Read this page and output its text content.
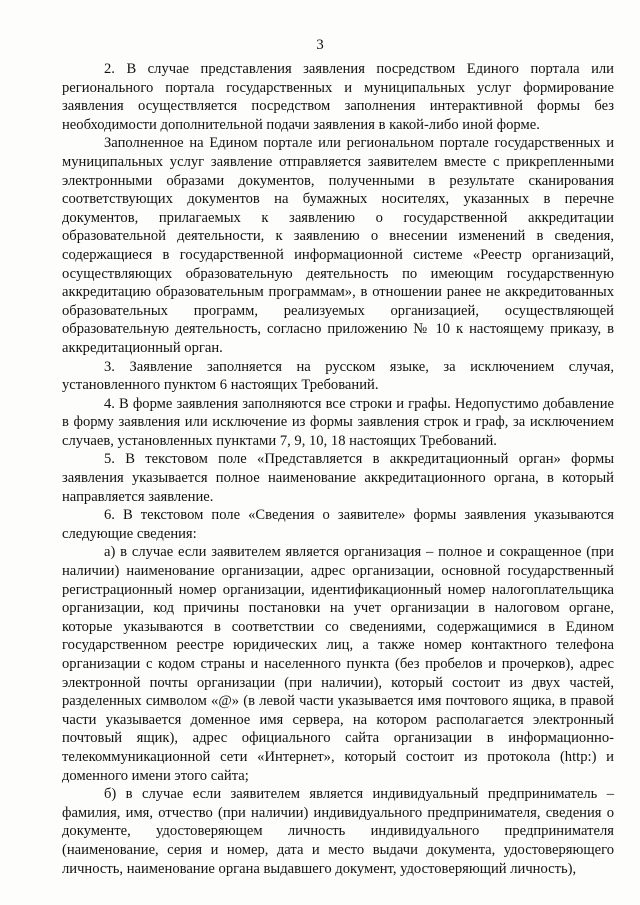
3

2. В случае представления заявления посредством Единого портала или регионального портала государственных и муниципальных услуг формирование заявления осуществляется посредством заполнения интерактивной формы без необходимости дополнительной подачи заявления в какой-либо иной форме.

Заполненное на Едином портале или региональном портале государственных и муниципальных услуг заявление отправляется заявителем вместе с прикрепленными электронными образами документов, полученными в результате сканирования соответствующих документов на бумажных носителях, указанных в перечне документов, прилагаемых к заявлению о государственной аккредитации образовательной деятельности, к заявлению о внесении изменений в сведения, содержащиеся в государственной информационной системе «Реестр организаций, осуществляющих образовательную деятельность по имеющим государственную аккредитацию образовательным программам», в отношении ранее не аккредитованных образовательных программ, реализуемых организацией, осуществляющей образовательную деятельность, согласно приложению № 10 к настоящему приказу, в аккредитационный орган.

3. Заявление заполняется на русском языке, за исключением случая, установленного пунктом 6 настоящих Требований.

4. В форме заявления заполняются все строки и графы. Недопустимо добавление в форму заявления или исключение из формы заявления строк и граф, за исключением случаев, установленных пунктами 7, 9, 10, 18 настоящих Требований.

5. В текстовом поле «Представляется в аккредитационный орган» формы заявления указывается полное наименование аккредитационного органа, в который направляется заявление.

6. В текстовом поле «Сведения о заявителе» формы заявления указываются следующие сведения:

а) в случае если заявителем является организация – полное и сокращенное (при наличии) наименование организации, адрес организации, основной государственный регистрационный номер организации, идентификационный номер налогоплательщика организации, код причины постановки на учет организации в налоговом органе, которые указываются в соответствии со сведениями, содержащимися в Едином государственном реестре юридических лиц, а также номер контактного телефона организации с кодом страны и населенного пункта (без пробелов и прочерков), адрес электронной почты организации (при наличии), который состоит из двух частей, разделенных символом «@» (в левой части указывается имя почтового ящика, в правой части указывается доменное имя сервера, на котором располагается электронный почтовый ящик), адрес официального сайта организации в информационно-телекоммуникационной сети «Интернет», который состоит из протокола (http:) и доменного имени этого сайта;

б) в случае если заявителем является индивидуальный предприниматель – фамилия, имя, отчество (при наличии) индивидуального предпринимателя, сведения о документе, удостоверяющем личность индивидуального предпринимателя (наименование, серия и номер, дата и место выдачи документа, удостоверяющего личность, наименование органа выдавшего документ, удостоверяющий личность),
